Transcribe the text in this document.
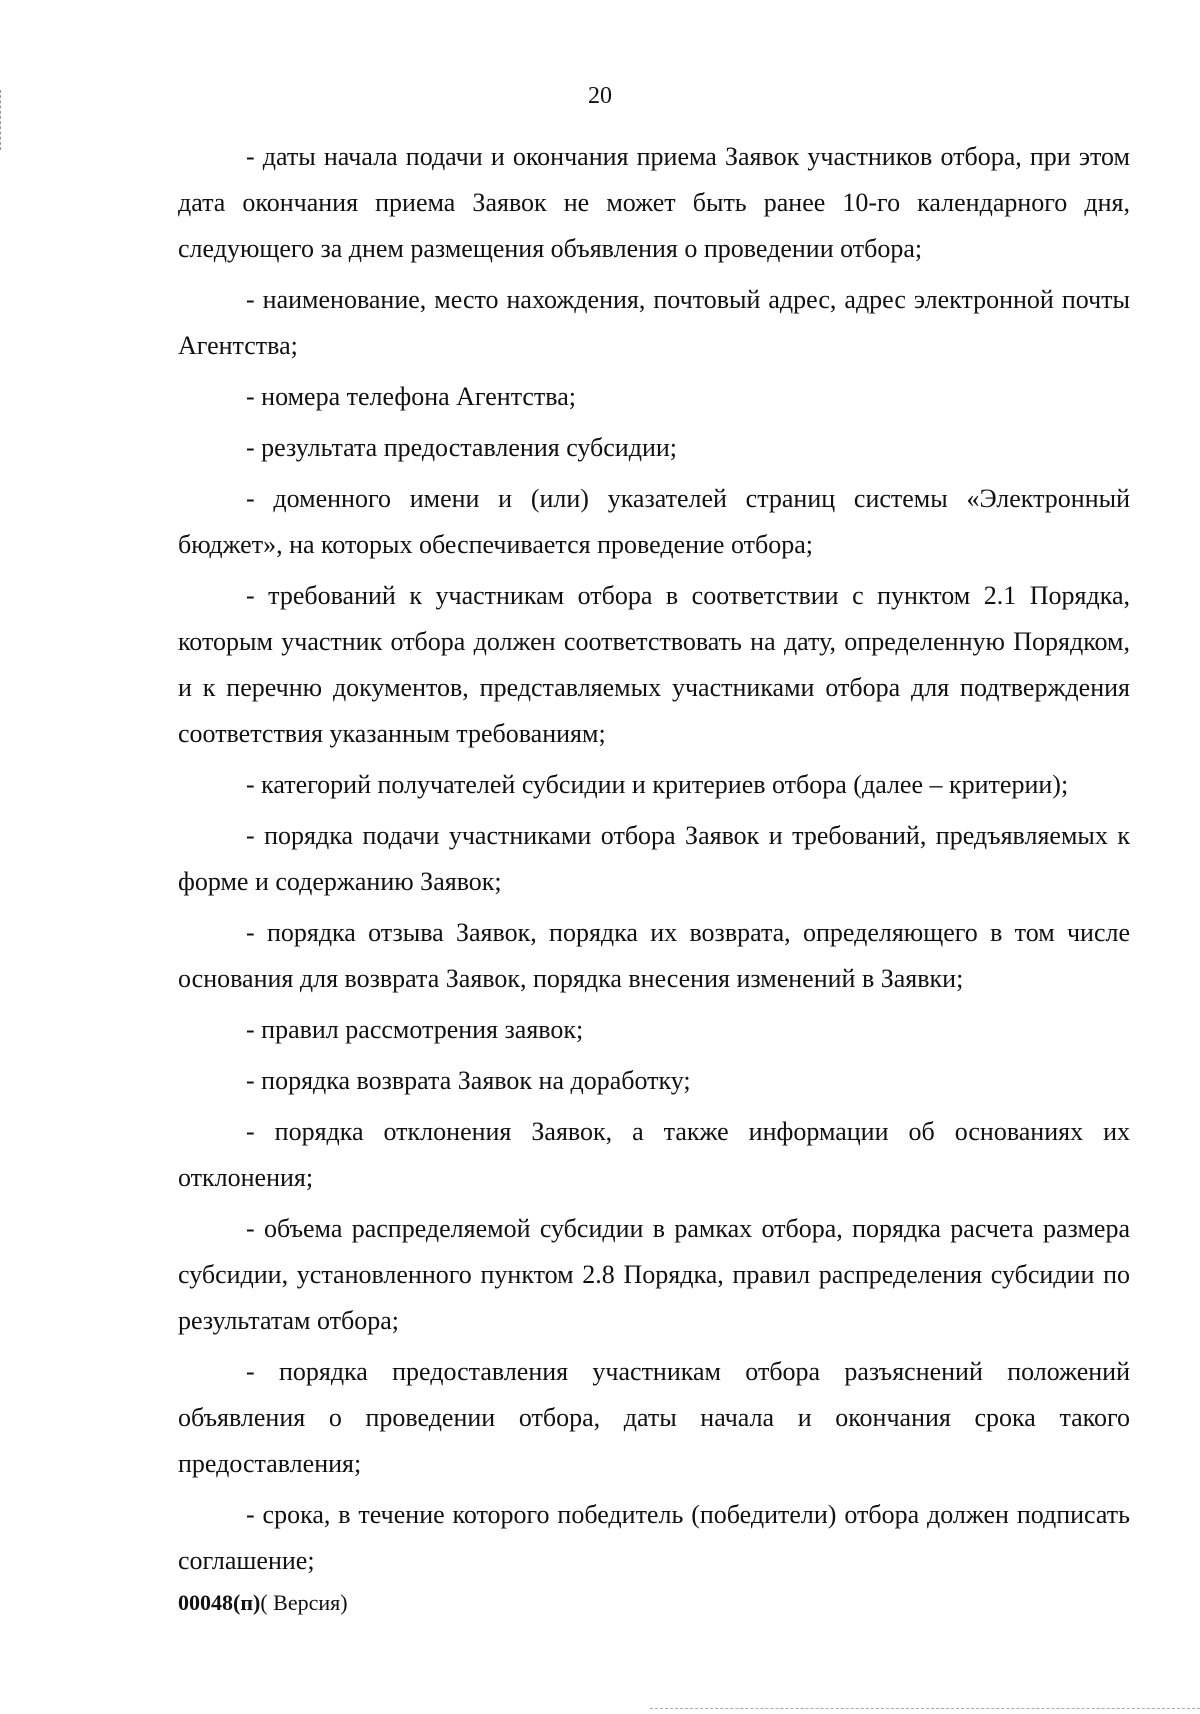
20

- даты начала подачи и окончания приема Заявок участников отбора, при этом дата окончания приема Заявок не может быть ранее 10-го календарного дня, следующего за днем размещения объявления о проведении отбора;

- наименование, место нахождения, почтовый адрес, адрес электронной почты Агентства;

- номера телефона Агентства;

- результата предоставления субсидии;

- доменного имени и (или) указателей страниц системы «Электронный бюджет», на которых обеспечивается проведение отбора;

- требований к участникам отбора в соответствии с пунктом 2.1 Порядка, которым участник отбора должен соответствовать на дату, определенную Порядком, и к перечню документов, представляемых участниками отбора для подтверждения соответствия указанным требованиям;

- категорий получателей субсидии и критериев отбора (далее – критерии);

- порядка подачи участниками отбора Заявок и требований, предъявляемых к форме и содержанию Заявок;

- порядка отзыва Заявок, порядка их возврата, определяющего в том числе основания для возврата Заявок, порядка внесения изменений в Заявки;

- правил рассмотрения заявок;

- порядка возврата Заявок на доработку;

- порядка отклонения Заявок, а также информации об основаниях их отклонения;

- объема распределяемой субсидии в рамках отбора, порядка расчета размера субсидии, установленного пунктом 2.8 Порядка, правил распределения субсидии по результатам отбора;

- порядка предоставления участникам отбора разъяснений положений объявления о проведении отбора, даты начала и окончания срока такого предоставления;

- срока, в течение которого победитель (победители) отбора должен подписать соглашение;

00048(п)( Версия)
